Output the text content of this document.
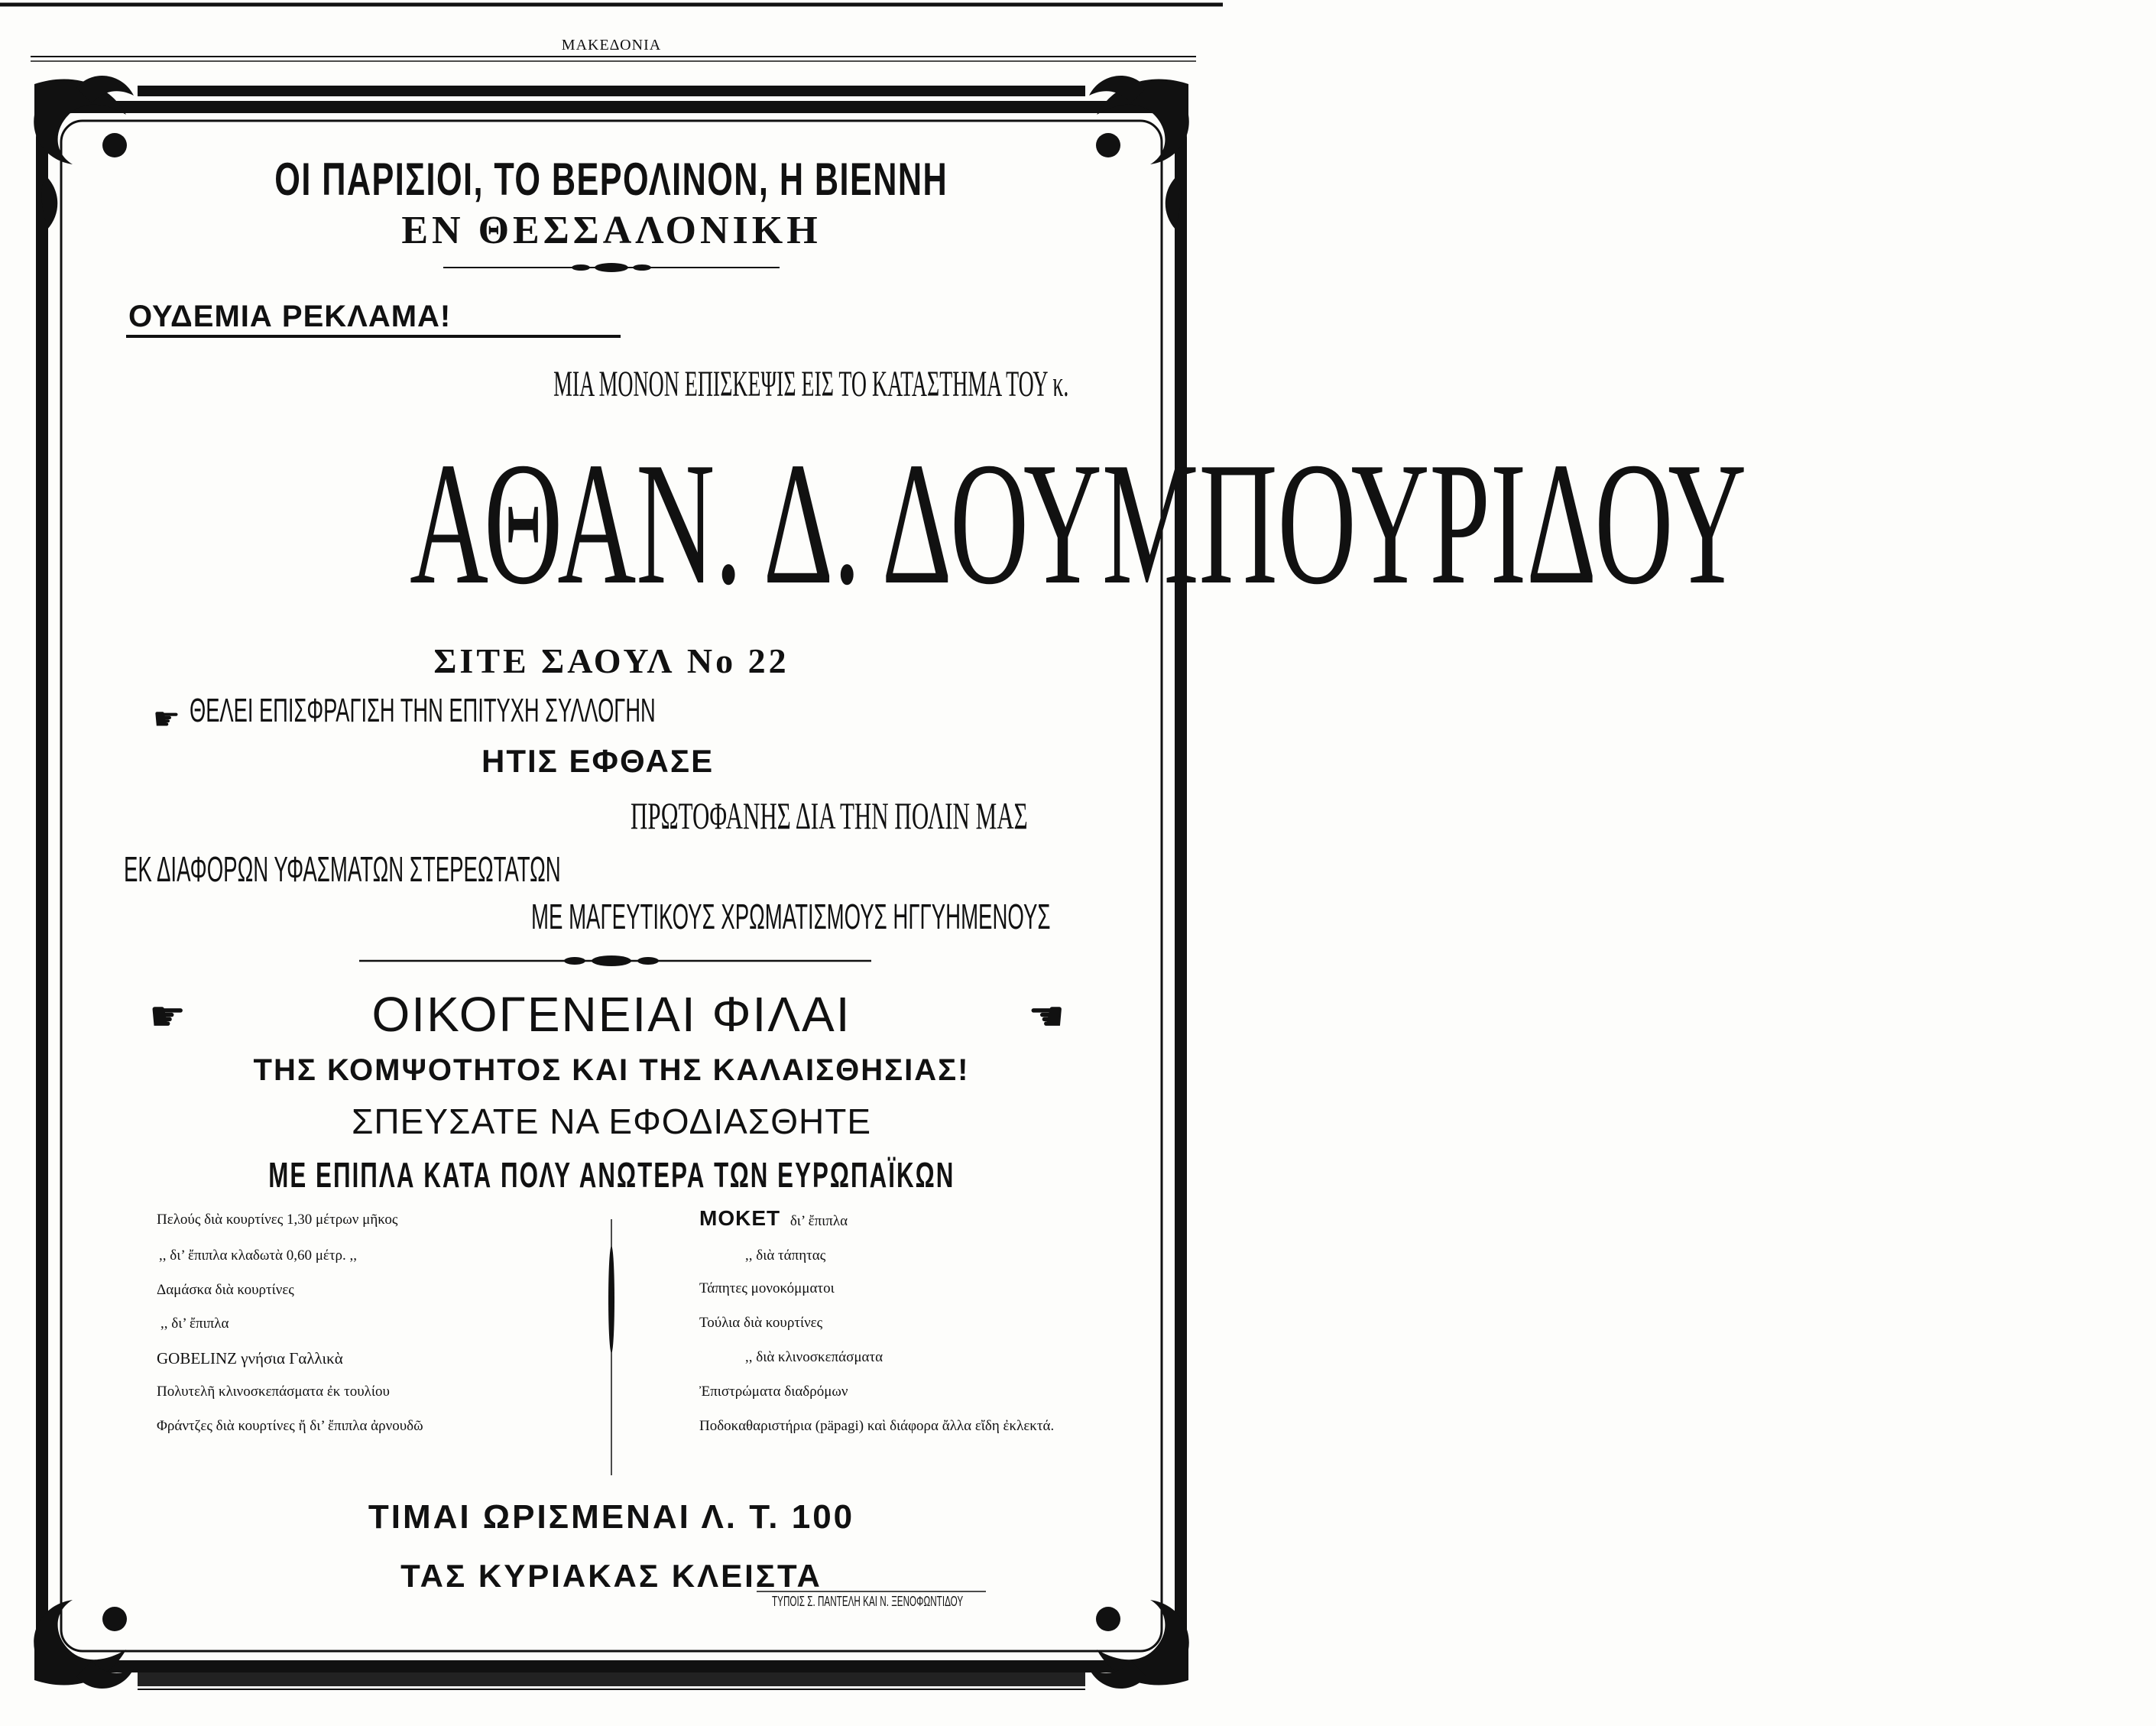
ΜΑΚΕΔΟΝΙΑ
ΟΙ ΠΑΡΙΣΙΟΙ, ΤΟ ΒΕΡΟΛΙΝΟΝ, Η ΒΙΕΝΝΗ
ΕΝ ΘΕΣΣΑΛΟΝΙΚΗ
ΟΥΔΕΜΙΑ ΡΕΚΛΑΜΑ!
ΜΙΑ ΜΟΝΟΝ ΕΠΙΣΚΕΨΙΣ ΕΙΣ ΤΟ ΚΑΤΑΣΤΗΜΑ ΤΟΥ κ.
ΑΘΑΝ. Δ. ΔΟΥΜΠΟΥΡΙΔΟΥ
ΣΙΤΕ ΣΑΟΥΛ Νο 22
☛ ΘΕΛΕΙ ΕΠΙΣΦΡΑΓΙΣΗ ΤΗΝ ΕΠΙΤΥΧΗ ΣΥΛΛΟΓΗΝ
ΗΤΙΣ ΕΦΘΑΣΕ
ΠΡΩΤΟΦΑΝΗΣ ΔΙΑ ΤΗΝ ΠΟΛΙΝ ΜΑΣ
ΕΚ ΔΙΑΦΟΡΩΝ ΥΦΑΣΜΑΤΩΝ ΣΤΕΡΕΩΤΑΤΩΝ
ΜΕ ΜΑΓΕΥΤΙΚΟΥΣ ΧΡΩΜΑΤΙΣΜΟΥΣ ΗΓΓΥΗΜΕΝΟΥΣ
☛	ΟΙΚΟΓΕΝΕΙΑΙ ΦΙΛΑΙ	☚
ΤΗΣ ΚΟΜΨΟΤΗΤΟΣ ΚΑΙ ΤΗΣ ΚΑΛΑΙΣΘΗΣΙΑΣ!
ΣΠΕΥΣΑΤΕ ΝΑ ΕΦΟΔΙΑΣΘΗΤΕ
ΜΕ ΕΠΙΠΛΑ ΚΑΤΑ ΠΟΛΥ ΑΝΩΤΕΡΑ ΤΩΝ ΕΥΡΩΠΑΪΚΩΝ
Πελούς διὰ κουρτίνες 1,30 μέτρων μῆκος
,, δι’ ἔπιπλα κλαδωτὰ 0,60 μέτρ. ,,
Δαμάσκα διὰ κουρτίνες
,, δι’ ἔπιπλα
GOBELINZ γνήσια Γαλλικὰ
Πολυτελῆ κλινοσκεπάσματα ἐκ τουλίου
Φράντζες διὰ κουρτίνες ἤ δι’ ἔπιπλα ἀρνουδῶ
ΜΟΚΕΤ δι’ ἔπιπλα
,, διὰ τάπητας
Τάπητες μονοκόμματοι
Τούλια διὰ κουρτίνες
,, διὰ κλινοσκεπάσματα
Ἐπιστρώματα διαδρόμων
Ποδοκαθαριστήρια (päpagi) καὶ διάφορα ἄλλα εἴδη ἐκλεκτά.
ΤΙΜΑΙ ΩΡΙΣΜΕΝΑΙ Λ. Τ. 100
ΤΑΣ ΚΥΡΙΑΚΑΣ ΚΛΕΙΣΤΑ
ΤΥΠΟΙΣ Σ. ΠΑΝΤΕΛΗ ΚΑΙ Ν. ΞΕΝΟΦΩΝΤΙΔΟΥ
